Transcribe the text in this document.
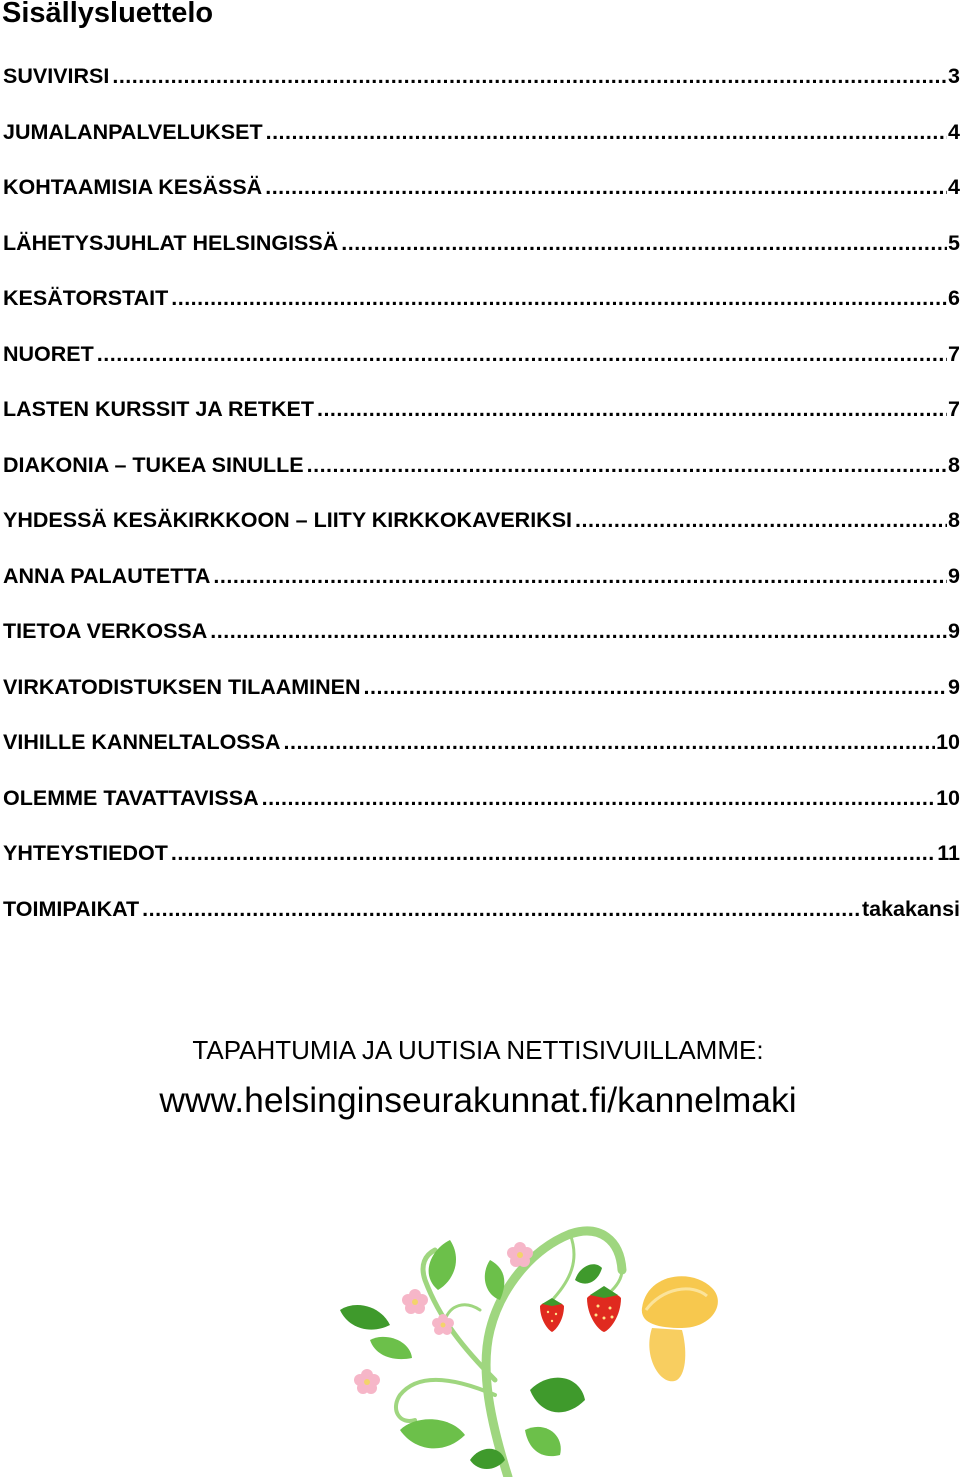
Sisällysluettelo
SUVIVIRSI .....	3
JUMALANPALVELUKSET .....	4
KOHTAAMISIA KESÄSSÄ .....	4
LÄHETYSJUHLAT HELSINGISSÄ .....	5
KESÄTORSTAIT .....	6
NUORET .....	7
LASTEN KURSSIT JA RETKET .....	7
DIAKONIA – TUKEA SINULLE .....	8
YHDESSÄ KESÄKIRKKOON – LIITY KIRKKOKAVERIKSI .....	8
ANNA PALAUTETTA .....	9
TIETOA VERKOSSA .....	9
VIRKATODISTUKSEN TILAAMINEN .....	9
VIHILLE KANNELTALOSSA .....	10
OLEMME TAVATTAVISSA .....	10
YHTEYSTIEDOT .....	11
TOIMIPAIKAT .....	takakansi
TAPAHTUMIA JA UUTISIA NETTISIVUILLAMME:
www.helsinginseurakunnat.fi/kannelmaki
